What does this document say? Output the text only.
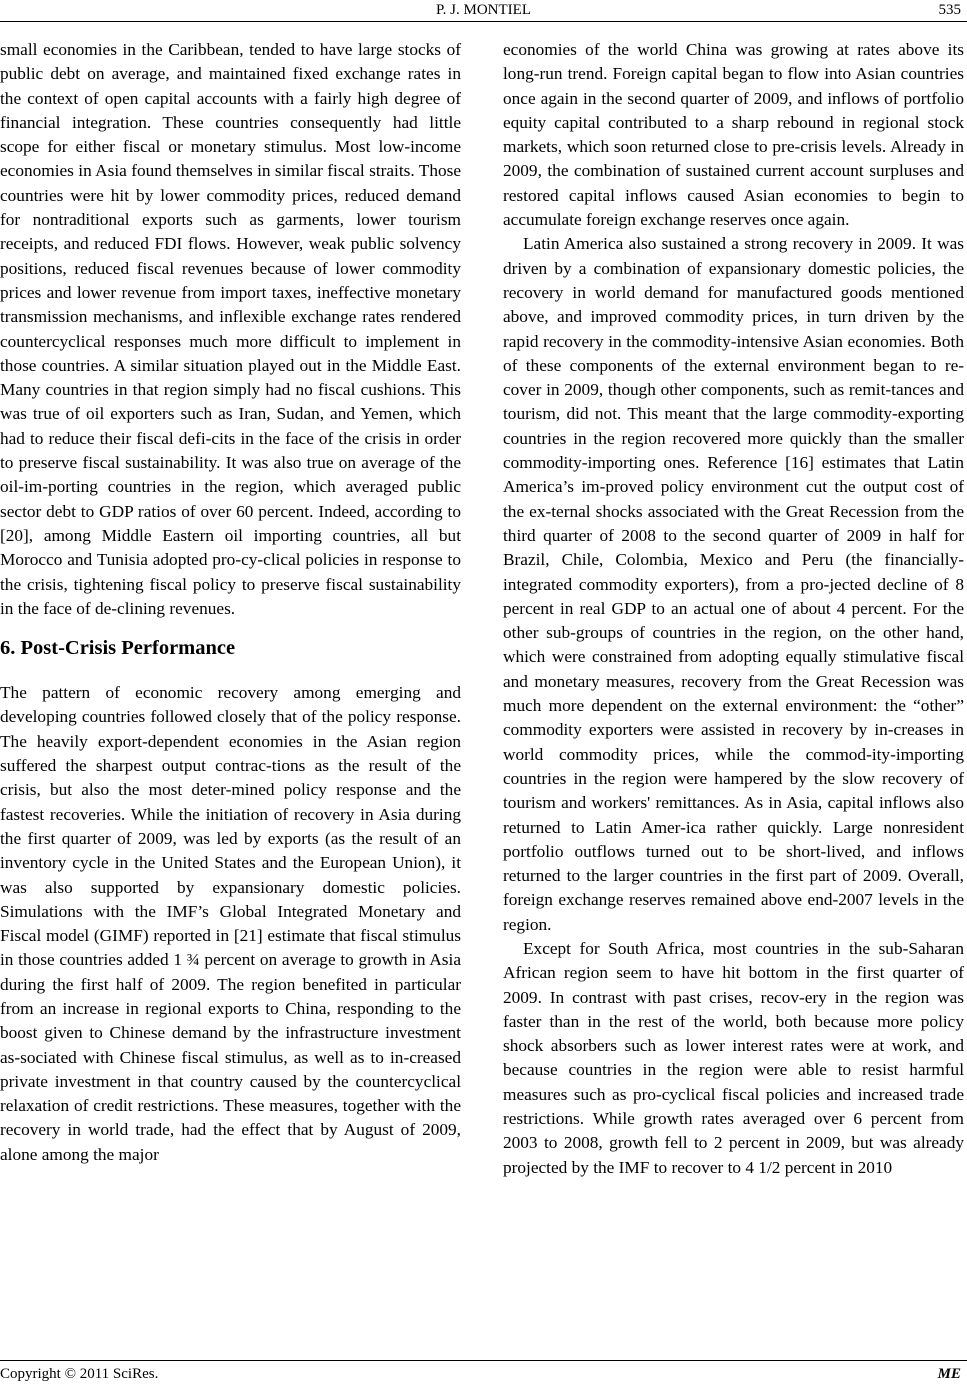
P. J. MONTIEL	535

small economies in the Caribbean, tended to have large stocks of public debt on average, and maintained fixed exchange rates in the context of open capital accounts with a fairly high degree of financial integration. These countries consequently had little scope for either fiscal or monetary stimulus. Most low-income economies in Asia found themselves in similar fiscal straits. Those countries were hit by lower commodity prices, reduced demand for nontraditional exports such as garments, lower tourism receipts, and reduced FDI flows. However, weak public solvency positions, reduced fiscal revenues because of lower commodity prices and lower revenue from import taxes, ineffective monetary transmission mechanisms, and inflexible exchange rates rendered countercyclical responses much more difficult to implement in those countries. A similar situation played out in the Middle East. Many countries in that region simply had no fiscal cushions. This was true of oil exporters such as Iran, Sudan, and Yemen, which had to reduce their fiscal defi-cits in the face of the crisis in order to preserve fiscal sustainability. It was also true on average of the oil-im-porting countries in the region, which averaged public sector debt to GDP ratios of over 60 percent. Indeed, according to [20], among Middle Eastern oil importing countries, all but Morocco and Tunisia adopted pro-cy-clical policies in response to the crisis, tightening fiscal policy to preserve fiscal sustainability in the face of de-clining revenues.

6. Post-Crisis Performance

The pattern of economic recovery among emerging and developing countries followed closely that of the policy response. The heavily export-dependent economies in the Asian region suffered the sharpest output contrac-tions as the result of the crisis, but also the most deter-mined policy response and the fastest recoveries. While the initiation of recovery in Asia during the first quarter of 2009, was led by exports (as the result of an inventory cycle in the United States and the European Union), it was also supported by expansionary domestic policies. Simulations with the IMF’s Global Integrated Monetary and Fiscal model (GIMF) reported in [21] estimate that fiscal stimulus in those countries added 1 ¾ percent on average to growth in Asia during the first half of 2009. The region benefited in particular from an increase in regional exports to China, responding to the boost given to Chinese demand by the infrastructure investment as-sociated with Chinese fiscal stimulus, as well as to in-creased private investment in that country caused by the countercyclical relaxation of credit restrictions. These measures, together with the recovery in world trade, had the effect that by August of 2009, alone among the major

economies of the world China was growing at rates above its long-run trend. Foreign capital began to flow into Asian countries once again in the second quarter of 2009, and inflows of portfolio equity capital contributed to a sharp rebound in regional stock markets, which soon returned close to pre-crisis levels. Already in 2009, the combination of sustained current account surpluses and restored capital inflows caused Asian economies to begin to accumulate foreign exchange reserves once again.

Latin America also sustained a strong recovery in 2009. It was driven by a combination of expansionary domestic policies, the recovery in world demand for manufactured goods mentioned above, and improved commodity prices, in turn driven by the rapid recovery in the commodity-intensive Asian economies. Both of these components of the external environment began to re-cover in 2009, though other components, such as remit-tances and tourism, did not. This meant that the large commodity-exporting countries in the region recovered more quickly than the smaller commodity-importing ones. Reference [16] estimates that Latin America’s im-proved policy environment cut the output cost of the ex-ternal shocks associated with the Great Recession from the third quarter of 2008 to the second quarter of 2009 in half for Brazil, Chile, Colombia, Mexico and Peru (the financially-integrated commodity exporters), from a pro-jected decline of 8 percent in real GDP to an actual one of about 4 percent. For the other sub-groups of countries in the region, on the other hand, which were constrained from adopting equally stimulative fiscal and monetary measures, recovery from the Great Recession was much more dependent on the external environment: the “other” commodity exporters were assisted in recovery by in-creases in world commodity prices, while the commod-ity-importing countries in the region were hampered by the slow recovery of tourism and workers' remittances. As in Asia, capital inflows also returned to Latin Amer-ica rather quickly. Large nonresident portfolio outflows turned out to be short-lived, and inflows returned to the larger countries in the first part of 2009. Overall, foreign exchange reserves remained above end-2007 levels in the region.

Except for South Africa, most countries in the sub-Saharan African region seem to have hit bottom in the first quarter of 2009. In contrast with past crises, recov-ery in the region was faster than in the rest of the world, both because more policy shock absorbers such as lower interest rates were at work, and because countries in the region were able to resist harmful measures such as pro-cyclical fiscal policies and increased trade restrictions. While growth rates averaged over 6 percent from 2003 to 2008, growth fell to 2 percent in 2009, but was already projected by the IMF to recover to 4 1/2 percent in 2010

Copyright © 2011 SciRes.	ME
